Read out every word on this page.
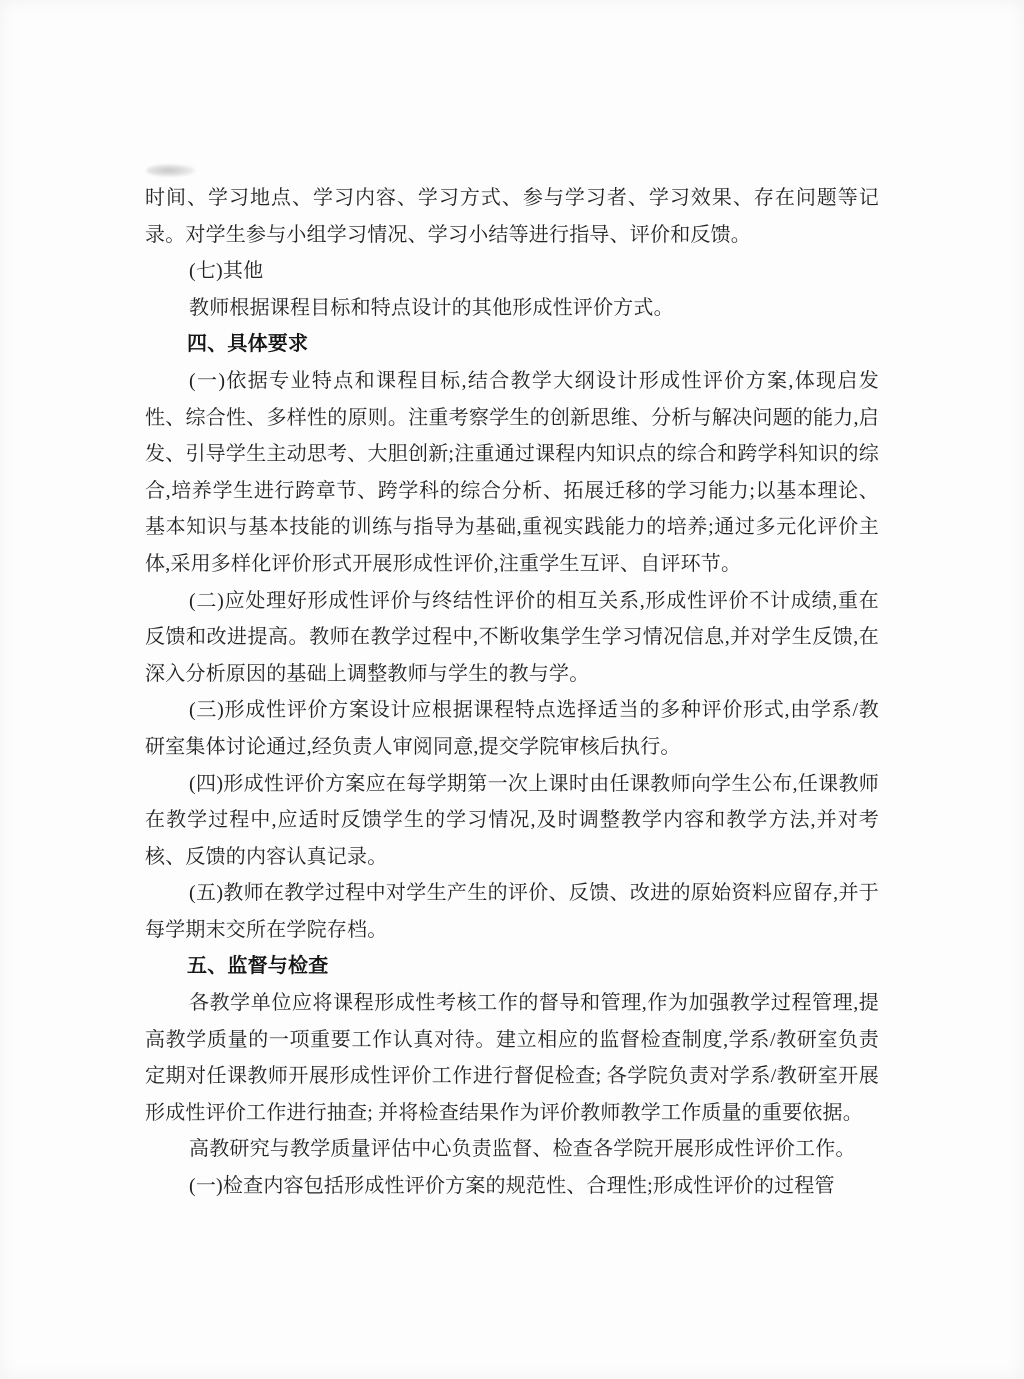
时间、学习地点、学习内容、学习方式、参与学习者、学习效果、存在问题等记录。对学生参与小组学习情况、学习小结等进行指导、评价和反馈。

(七)其他

教师根据课程目标和特点设计的其他形成性评价方式。

四、具体要求

(一)依据专业特点和课程目标,结合教学大纲设计形成性评价方案,体现启发性、综合性、多样性的原则。注重考察学生的创新思维、分析与解决问题的能力,启发、引导学生主动思考、大胆创新;注重通过课程内知识点的综合和跨学科知识的综合,培养学生进行跨章节、跨学科的综合分析、拓展迁移的学习能力;以基本理论、基本知识与基本技能的训练与指导为基础,重视实践能力的培养;通过多元化评价主体,采用多样化评价形式开展形成性评价,注重学生互评、自评环节。

(二)应处理好形成性评价与终结性评价的相互关系,形成性评价不计成绩,重在反馈和改进提高。教师在教学过程中,不断收集学生学习情况信息,并对学生反馈,在深入分析原因的基础上调整教师与学生的教与学。

(三)形成性评价方案设计应根据课程特点选择适当的多种评价形式,由学系/教研室集体讨论通过,经负责人审阅同意,提交学院审核后执行。

(四)形成性评价方案应在每学期第一次上课时由任课教师向学生公布,任课教师在教学过程中,应适时反馈学生的学习情况,及时调整教学内容和教学方法,并对考核、反馈的内容认真记录。

(五)教师在教学过程中对学生产生的评价、反馈、改进的原始资料应留存,并于每学期末交所在学院存档。

五、监督与检查

各教学单位应将课程形成性考核工作的督导和管理,作为加强教学过程管理,提高教学质量的一项重要工作认真对待。建立相应的监督检查制度,学系/教研室负责定期对任课教师开展形成性评价工作进行督促检查; 各学院负责对学系/教研室开展形成性评价工作进行抽查; 并将检查结果作为评价教师教学工作质量的重要依据。

高教研究与教学质量评估中心负责监督、检查各学院开展形成性评价工作。

(一)检查内容包括形成性评价方案的规范性、合理性;形成性评价的过程管
